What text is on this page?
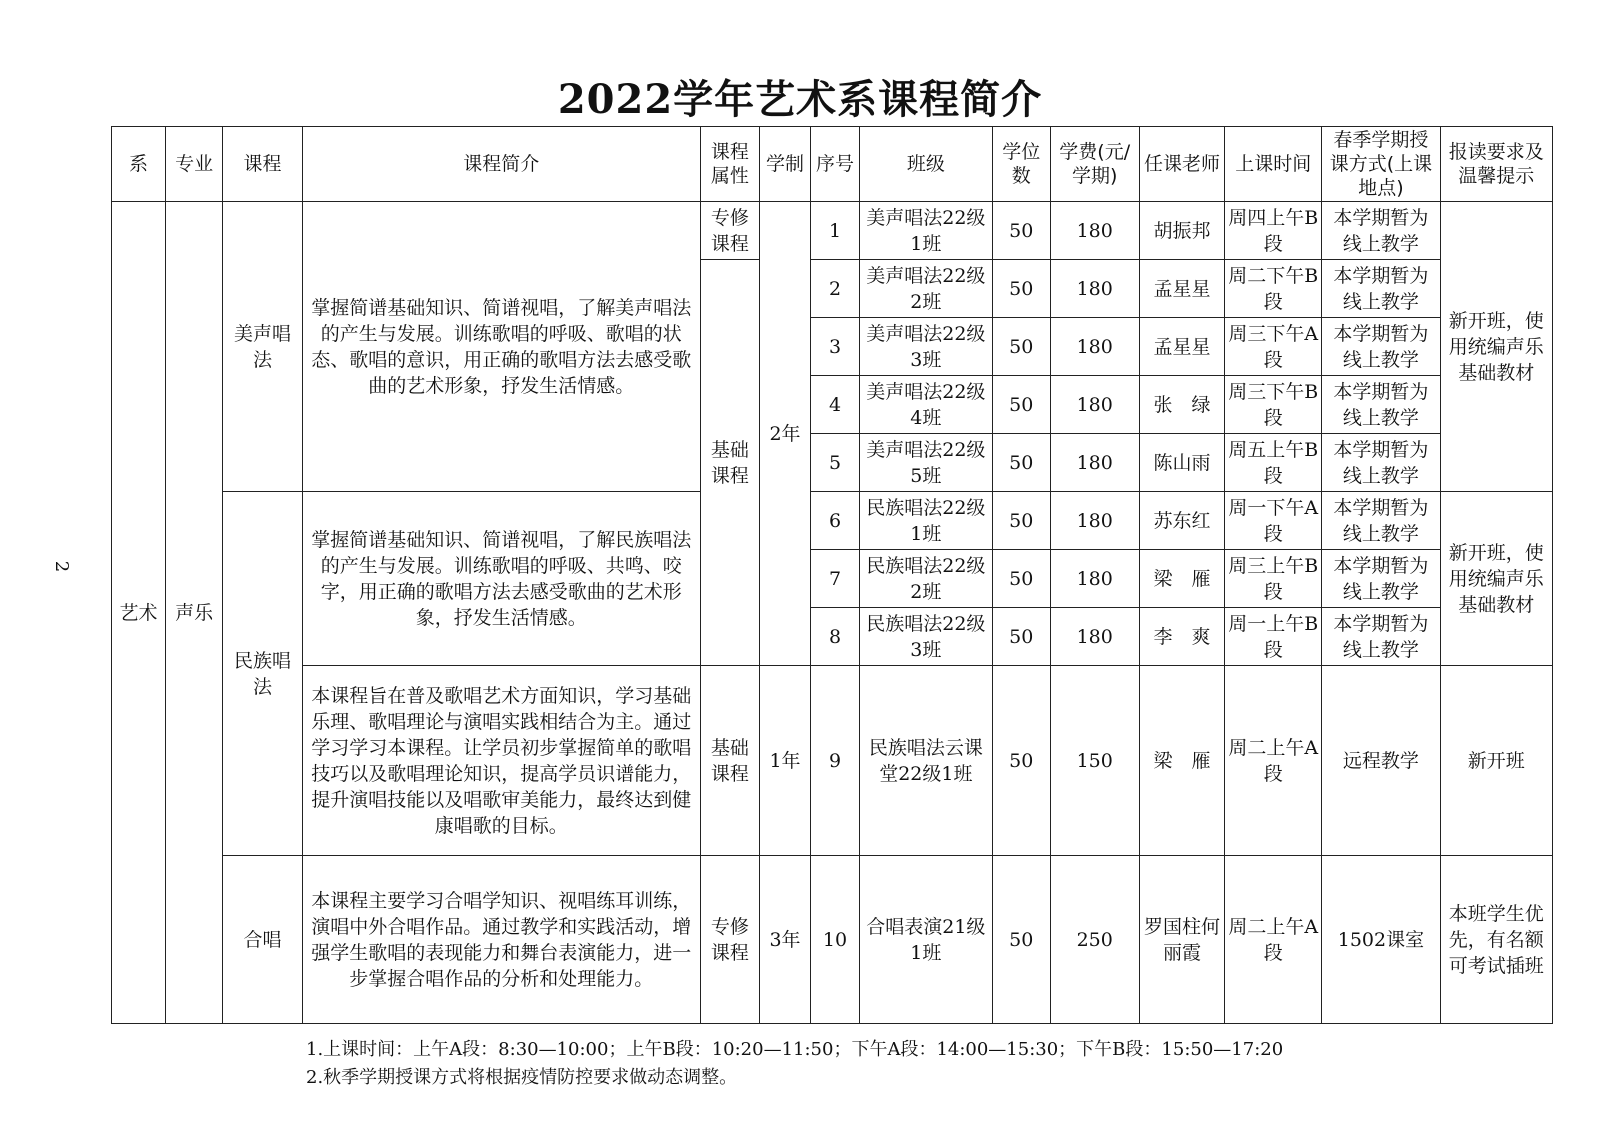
2022学年艺术系课程简介
2
系	专业	课程	课程简介	课程属性	学制	序号	班级	学位数	学费(元/学期)	任课老师	上课时间	春季学期授课方式(上课地点)	报读要求及温馨提示
艺术	声乐	美声唱法	掌握简谱基础知识、简谱视唱，了解美声唱法的产生与发展。训练歌唱的呼吸、歌唱的状态、歌唱的意识，用正确的歌唱方法去感受歌曲的艺术形象，抒发生活情感。	专修课程	2年	1	美声唱法22级1班	50	180	胡振邦	周四上午B段	本学期暂为线上教学	新开班，使用统编声乐基础教材
				基础课程		2	美声唱法22级2班	50	180	孟星星	周二下午B段	本学期暂为线上教学	
						3	美声唱法22级3班	50	180	孟星星	周三下午A段	本学期暂为线上教学	
						4	美声唱法22级4班	50	180	张　绿	周三下午B段	本学期暂为线上教学	
						5	美声唱法22级5班	50	180	陈山雨	周五上午B段	本学期暂为线上教学	
		民族唱法	掌握简谱基础知识、简谱视唱，了解民族唱法的产生与发展。训练歌唱的呼吸、共鸣、咬字，用正确的歌唱方法去感受歌曲的艺术形象，抒发生活情感。			6	民族唱法22级1班	50	180	苏东红	周一下午A段	本学期暂为线上教学	新开班，使用统编声乐基础教材
						7	民族唱法22级2班	50	180	梁　雁	周三上午B段	本学期暂为线上教学	
						8	民族唱法22级3班	50	180	李　爽	周一上午B段	本学期暂为线上教学	
			本课程旨在普及歌唱艺术方面知识，学习基础乐理、歌唱理论与演唱实践相结合为主。通过学习学习本课程。让学员初步掌握简单的歌唱技巧以及歌唱理论知识，提高学员识谱能力，提升演唱技能以及唱歌审美能力，最终达到健康唱歌的目标。	基础课程	1年	9	民族唱法云课堂22级1班	50	150	梁　雁	周二上午A段	远程教学	新开班
		合唱	本课程主要学习合唱学知识、视唱练耳训练，演唱中外合唱作品。通过教学和实践活动，增强学生歌唱的表现能力和舞台表演能力，进一步掌握合唱作品的分析和处理能力。	专修课程	3年	10	合唱表演21级1班	50	250	罗国柱何丽霞	周二上午A段	1502课室	本班学生优先，有名额可考试插班
1.上课时间：上午A段：8:30—10:00；上午B段：10:20—11:50；下午A段：14:00—15:30；下午B段：15:50—17:20
2.秋季学期授课方式将根据疫情防控要求做动态调整。
